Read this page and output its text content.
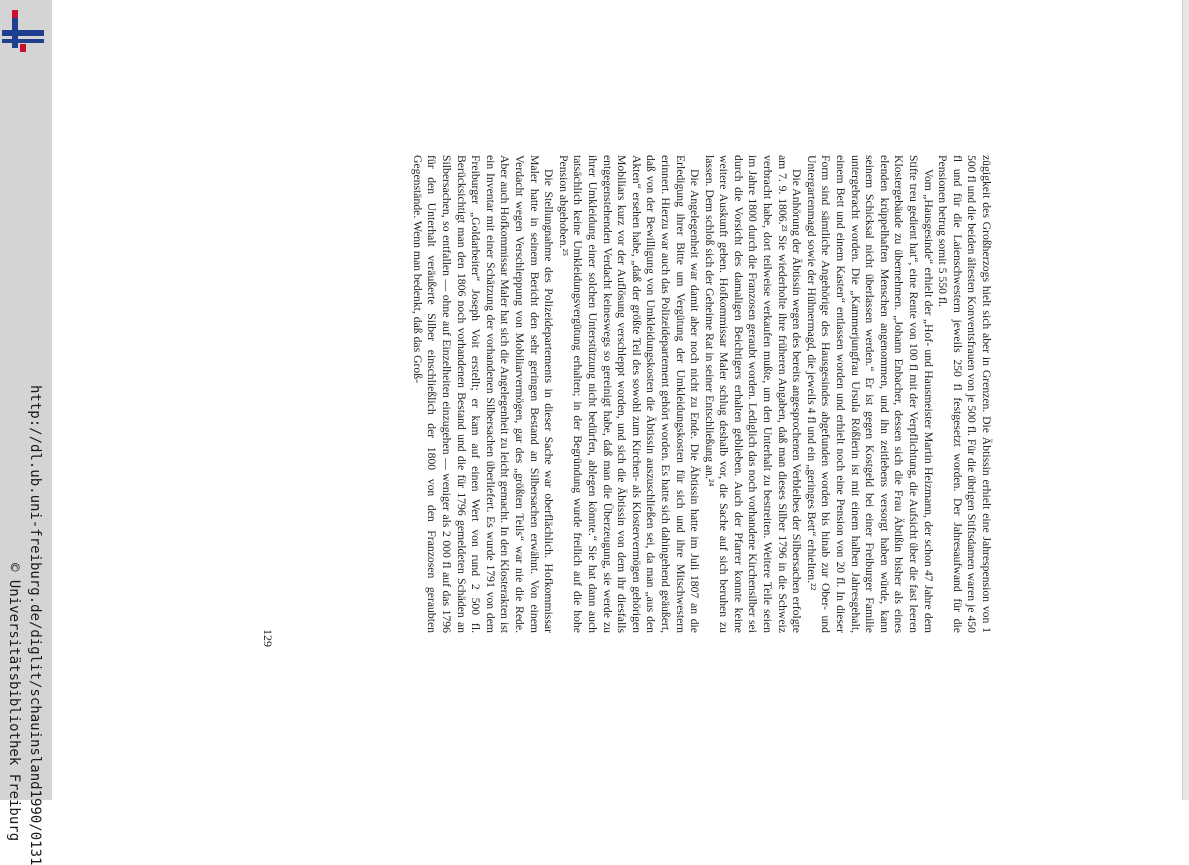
http://dl.ub.uni-freiburg.de/diglit/schauinsland1990/0131
© Universitätsbibliothek Freiburg

zügigkeit des Großherzogs hielt sich aber in Grenzen. Die Äbtissin erhielt eine Jahrespension von 1 500 fl und die beiden ältesten Konventsfrauen von je 500 fl. Für die übrigen Stiftsdamen waren je 450 fl und für die Laienschwestern jeweils 250 fl festgesetzt worden. Der Jahresaufwand für die Pensionen betrug somit 5 550 fl.

Vom „Hausgesinde“ erhielt der „Hof- und Hausmeister Martin Heizmann, der schon 47 Jahre dem Stifte treu gedient hat“, eine Rente von 100 fl mit der Verpflichtung, die Aufsicht über die fast leeren Klostergebäude zu übernehmen. „Johann Enbacher, dessen sich die Frau Äbtißin bisher als eines elenden krüppelhaften Menschen angenommen, und ihn zeitlebens versorgt haben würde, kann seinem Schicksal nicht überlassen werden.“ Er ist gegen Kostgeld bei einer Freiburger Familie untergebracht worden. Die „Kammerjungfrau Ursula Rößlerin ist mit einem halben Jahresgehalt, einem Bett und einem Kasten“ entlassen worden und erhielt noch eine Pension von 20 fl. In dieser Form sind sämtliche Angehörige des Hausgesindes abgefunden worden bis hinab zur Ober- und Untergartenmagd sowie der Hühnermagd, die jeweils 4 fl und ein „geringes Bett“ erhielten.²²

Die Anhörung der Äbtissin wegen des bereits angesprochenen Verbleibes der Silbersachen erfolgte am 7. 9. 1806.²³ Sie wiederholte ihre früheren Angaben, daß man dieses Silber 1796 in die Schweiz verbracht habe, dort teilweise verkaufen mußte, um den Unterhalt zu bestreiten. Weitere Teile seien im Jahre 1800 durch die Franzosen geraubt worden. Lediglich das noch vorhandene Kirchensilber sei durch die Vorsicht des damaligen Beichtigers erhalten geblieben. Auch der Pfarrer konnte keine weitere Auskunft geben. Hofkommissar Maler schlug deshalb vor, die Sache auf sich beruhen zu lassen. Dem schloß sich der Geheime Rat in seiner Entschließung an.²⁴

Die Angelegenheit war damit aber noch nicht zu Ende. Die Äbtissin hatte im Juli 1807 an die Erledigung ihrer Bitte um Vergütung der Umkleidungskosten für sich und ihre Mitschwestern erinnert. Hierzu war auch das Polizeidepartement gehört worden. Es hatte sich dahingehend geäußert, daß von der Bewilligung von Umkleidungskosten die Äbtissin auszuschließen sei, da man „aus den Akten“ ersehen habe, „daß der größte Teil des sowohl zum Kirchen- als Klostervermögen gehörigen Mobiliars kurz vor der Auflösung verschleppt worden, und sich die Äbtissin von dem ihr diesfalls entgegenstehenden Verdacht keineswegs so gereinigt habe, daß man die Überzeugung, sie werde zu ihrer Umkleidung einer solchen Unterstützung nicht bedürfen, ablegen könnte.“ Sie hat dann auch tatsächlich keine Umkleidungsvergütung erhalten; in der Begründung wurde freilich auf die hohe Pension abgehoben.²⁵

Die Stellungnahme des Polizeidepartements in dieser Sache war oberflächlich. Hofkommissar Maler hatte in seinem Bericht den sehr geringen Bestand an Silbersachen erwähnt. Von einem Verdacht wegen Verschleppung von Mobiliarvermögen, gar des „größten Teils“ war nie die Rede. Aber auch Hofkommissar Maler hat sich die Angelegenheit zu leicht gemacht. In den Klosterakten ist ein Inventar mit einer Schätzung der vorhandenen Silbersachen überliefert. Es wurde 1791 von dem Freiburger „Goldarbeiter“ Joseph Voit erstellt; er kam auf einen Wert von rund 2 500 fl. Berücksichtigt man den 1806 noch vorhandenen Bestand und die für 1796 gemeldeten Schäden an Silbersachen, so entfallen — ohne auf Einzelheiten einzugehen — weniger als 2 000 fl auf das 1796 für den Unterhalt veräußerte Silber einschließlich der 1800 von den Franzosen geraubten Gegenstände. Wenn man bedenkt, daß das Groß-

129
